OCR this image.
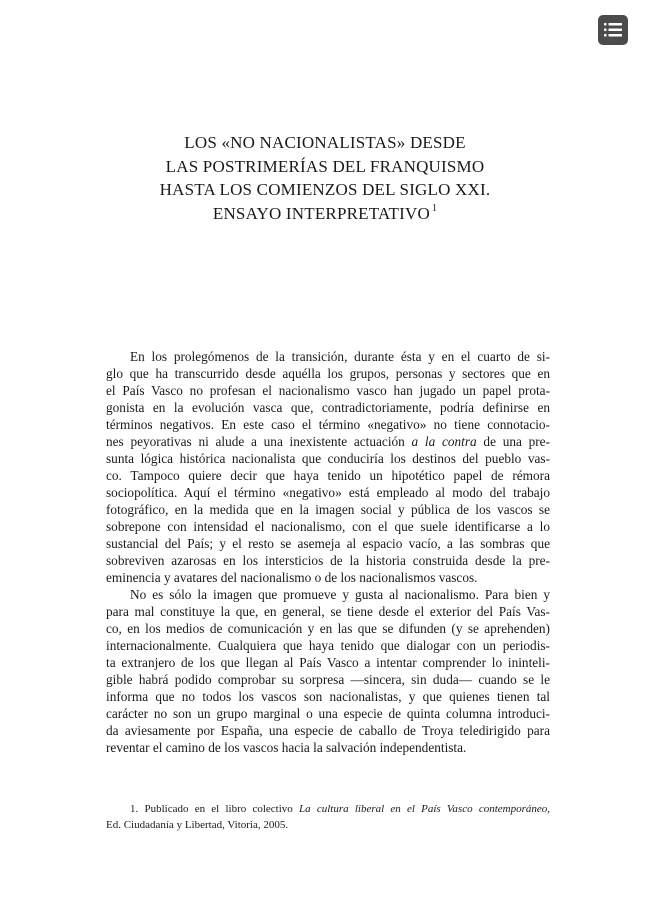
LOS «NO NACIONALISTAS» DESDE
LAS POSTRIMERÍAS DEL FRANQUISMO
HASTA LOS COMIENZOS DEL SIGLO XXI.
ENSAYO INTERPRETATIVO $^1$
En los prolegómenos de la transición, durante ésta y en el cuarto de si-
glo que ha transcurrido desde aquélla los grupos, personas y sectores que en
el País Vasco no profesan el nacionalismo vasco han jugado un papel prota-
gonista en la evolución vasca que, contradictoriamente, podría definirse en
términos negativos. En este caso el término «negativo» no tiene connotacio-
nes peyorativas ni alude a una inexistente actuación a la contra de una pre-
sunta lógica histórica nacionalista que conduciría los destinos del pueblo vas-
co. Tampoco quiere decir que haya tenido un hipotético papel de rémora
sociopolítica. Aquí el término «negativo» está empleado al modo del trabajo
fotográfico, en la medida que en la imagen social y pública de los vascos se
sobrepone con intensidad el nacionalismo, con el que suele identificarse a lo
sustancial del País; y el resto se asemeja al espacio vacío, a las sombras que
sobreviven azarosas en los intersticios de la historia construida desde la pre-
eminencia y avatares del nacionalismo o de los nacionalismos vascos.
No es sólo la imagen que promueve y gusta al nacionalismo. Para bien y
para mal constituye la que, en general, se tiene desde el exterior del País Vas-
co, en los medios de comunicación y en las que se difunden (y se aprehenden)
internacionalmente. Cualquiera que haya tenido que dialogar con un periodis-
ta extranjero de los que llegan al País Vasco a intentar comprender lo ininteli-
gible habrá podido comprobar su sorpresa —sincera, sin duda— cuando se le
informa que no todos los vascos son nacionalistas, y que quienes tienen tal
carácter no son un grupo marginal o una especie de quinta columna introduci-
da aviesamente por España, una especie de caballo de Troya teledirigido para
reventar el camino de los vascos hacia la salvación independentista.
1. Publicado en el libro colectivo La cultura liberal en el País Vasco contemporáneo,
Ed. Ciudadanía y Libertad, Vitoria, 2005.
